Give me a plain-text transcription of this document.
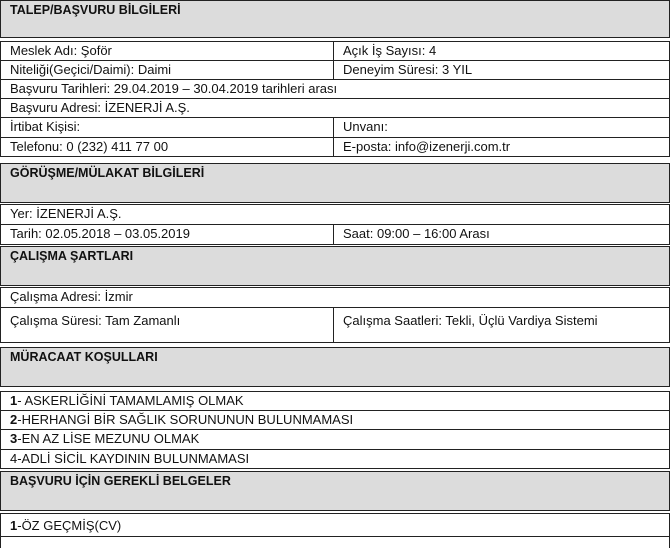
TALEP/BAŞVURU BİLGİLERİ
Meslek Adı: Şoför	Açık İş Sayısı: 4
Niteliği(Geçici/Daimi): Daimi	Deneyim Süresi: 3 YIL
Başvuru Tarihleri: 29.04.2019 – 30.04.2019 tarihleri arası
Başvuru Adresi: İZENERJİ A.Ş.
İrtibat Kişisi:	Unvanı:
Telefonu: 0 (232) 411 77 00	E-posta: info@izenerji.com.tr
GÖRÜŞME/MÜLAKAT BİLGİLERİ
Yer: İZENERJİ A.Ş.
Tarih: 02.05.2018 – 03.05.2019	Saat: 09:00 – 16:00 Arası
ÇALIŞMA ŞARTLARI
Çalışma Adresi: İzmir
Çalışma Süresi: Tam Zamanlı	Çalışma Saatleri: Tekli, Üçlü Vardiya Sistemi
MÜRACAAT KOŞULLARI
1- ASKERLİĞİNİ TAMAMLAMIŞ OLMAK
2-HERHANGİ BİR SAĞLIK SORUNUNUN BULUNMAMASI
3-EN AZ LİSE MEZUNU OLMAK
4-ADLİ SİCİL KAYDININ BULUNMAMASI
BAŞVURU İÇİN GEREKLİ BELGELER
1-ÖZ GEÇMİŞ(CV)
